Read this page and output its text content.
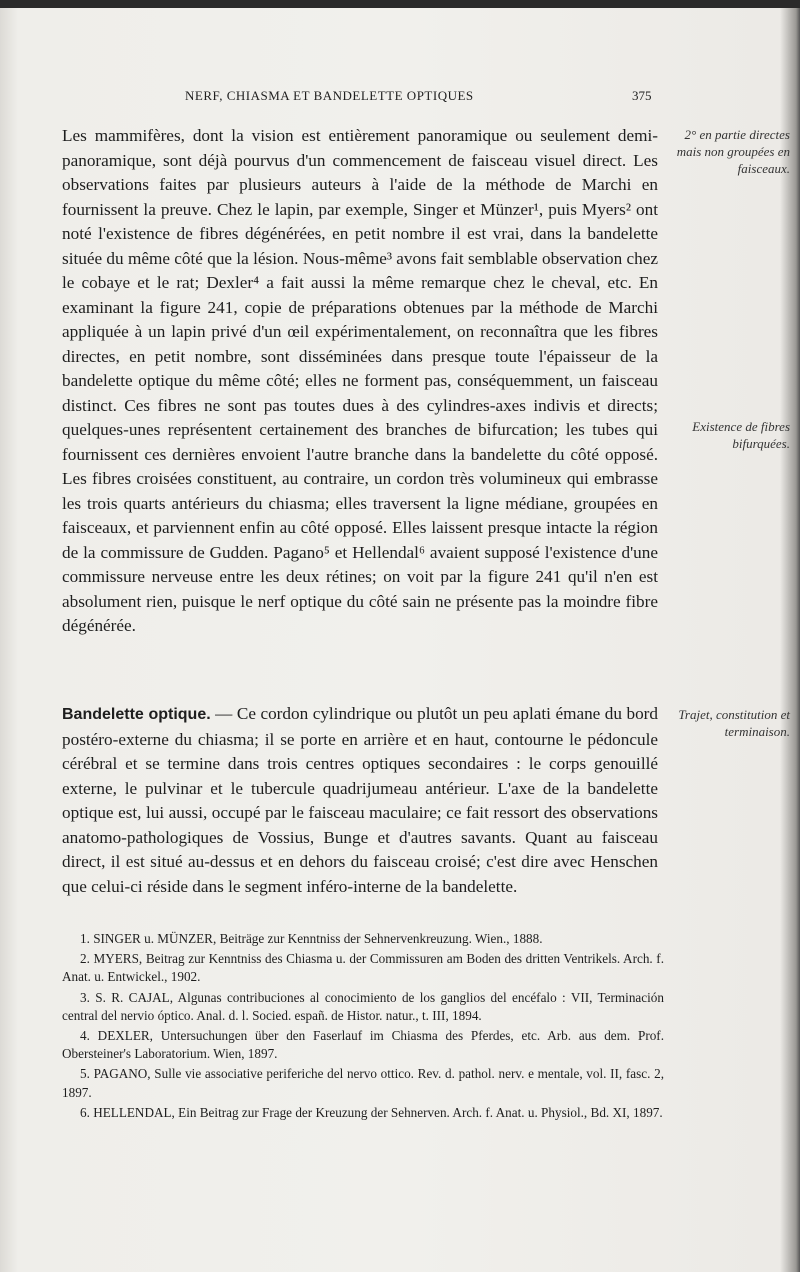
NERF, CHIASMA ET BANDELETTE OPTIQUES	375

Les mammifères, dont la vision est entièrement panoramique ou seulement demi-panoramique, sont déjà pourvus d'un commencement de faisceau visuel direct. Les observations faites par plusieurs auteurs à l'aide de la méthode de Marchi en fournissent la preuve. Chez le lapin, par exemple, Singer et Münzer¹, puis Myers² ont noté l'existence de fibres dégénérées, en petit nombre il est vrai, dans la bandelette située du même côté que la lésion. Nous-même³ avons fait semblable observation chez le cobaye et le rat; Dexler⁴ a fait aussi la même remarque chez le cheval, etc. En examinant la figure 241, copie de préparations obtenues par la méthode de Marchi appliquée à un lapin privé d'un œil expérimentalement, on reconnaîtra que les fibres directes, en petit nombre, sont disséminées dans presque toute l'épaisseur de la bandelette optique du même côté; elles ne forment pas, conséquemment, un faisceau distinct. Ces fibres ne sont pas toutes dues à des cylindres-axes indivis et directs; quelques-unes représentent certainement des branches de bifurcation; les tubes qui fournissent ces dernières envoient l'autre branche dans la bandelette du côté opposé. Les fibres croisées constituent, au contraire, un cordon très volumineux qui embrasse les trois quarts antérieurs du chiasma; elles traversent la ligne médiane, groupées en faisceaux, et parviennent enfin au côté opposé. Elles laissent presque intacte la région de la commissure de Gudden. Pagano⁵ et Hellendal⁶ avaient supposé l'existence d'une commissure nerveuse entre les deux rétines; on voit par la figure 241 qu'il n'en est absolument rien, puisque le nerf optique du côté sain ne présente pas la moindre fibre dégénérée.

Bandelette optique. — Ce cordon cylindrique ou plutôt un peu aplati émane du bord postéro-externe du chiasma; il se porte en arrière et en haut, contourne le pédoncule cérébral et se termine dans trois centres optiques secondaires : le corps genouillé externe, le pulvinar et le tubercule quadrijumeau antérieur. L'axe de la bandelette optique est, lui aussi, occupé par le faisceau maculaire; ce fait ressort des observations anatomo-pathologiques de Vossius, Bunge et d'autres savants. Quant au faisceau direct, il est situé au-dessus et en dehors du faisceau croisé; c'est dire avec Henschen que celui-ci réside dans le segment inféro-interne de la bandelette.

2° en partie directes mais non groupées en faisceaux.
Existence de fibres bifurquées.
Trajet, constitution et terminaison.

1. SINGER u. MÜNZER, Beiträge zur Kenntniss der Sehnervenkreuzung. Wien., 1888.

2. MYERS, Beitrag zur Kenntniss des Chiasma u. der Commissuren am Boden des dritten Ventrikels. Arch. f. Anat. u. Entwickel., 1902.

3. S. R. CAJAL, Algunas contribuciones al conocimiento de los ganglios del encéfalo : VII, Terminación central del nervio óptico. Anal. d. l. Socied. españ. de Histor. natur., t. III, 1894.

4. DEXLER, Untersuchungen über den Faserlauf im Chiasma des Pferdes, etc. Arb. aus dem. Prof. Obersteiner's Laboratorium. Wien, 1897.

5. PAGANO, Sulle vie associative periferiche del nervo ottico. Rev. d. pathol. nerv. e mentale, vol. II, fasc. 2, 1897.

6. HELLENDAL, Ein Beitrag zur Frage der Kreuzung der Sehnerven. Arch. f. Anat. u. Physiol., Bd. XI, 1897.
